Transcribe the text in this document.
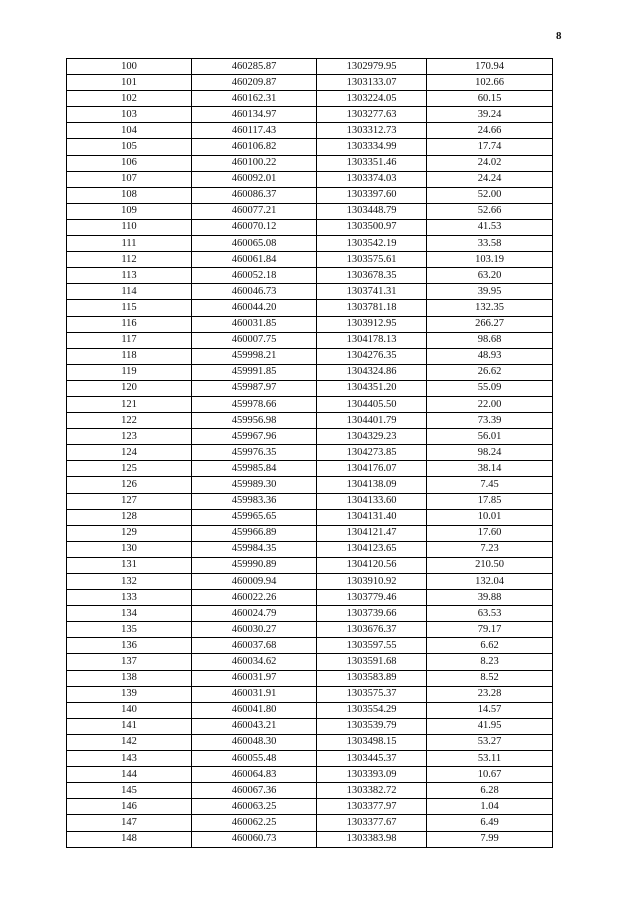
8
100	460285.87	1302979.95	170.94
101	460209.87	1303133.07	102.66
102	460162.31	1303224.05	60.15
103	460134.97	1303277.63	39.24
104	460117.43	1303312.73	24.66
105	460106.82	1303334.99	17.74
106	460100.22	1303351.46	24.02
107	460092.01	1303374.03	24.24
108	460086.37	1303397.60	52.00
109	460077.21	1303448.79	52.66
110	460070.12	1303500.97	41.53
111	460065.08	1303542.19	33.58
112	460061.84	1303575.61	103.19
113	460052.18	1303678.35	63.20
114	460046.73	1303741.31	39.95
115	460044.20	1303781.18	132.35
116	460031.85	1303912.95	266.27
117	460007.75	1304178.13	98.68
118	459998.21	1304276.35	48.93
119	459991.85	1304324.86	26.62
120	459987.97	1304351.20	55.09
121	459978.66	1304405.50	22.00
122	459956.98	1304401.79	73.39
123	459967.96	1304329.23	56.01
124	459976.35	1304273.85	98.24
125	459985.84	1304176.07	38.14
126	459989.30	1304138.09	7.45
127	459983.36	1304133.60	17.85
128	459965.65	1304131.40	10.01
129	459966.89	1304121.47	17.60
130	459984.35	1304123.65	7.23
131	459990.89	1304120.56	210.50
132	460009.94	1303910.92	132.04
133	460022.26	1303779.46	39.88
134	460024.79	1303739.66	63.53
135	460030.27	1303676.37	79.17
136	460037.68	1303597.55	6.62
137	460034.62	1303591.68	8.23
138	460031.97	1303583.89	8.52
139	460031.91	1303575.37	23.28
140	460041.80	1303554.29	14.57
141	460043.21	1303539.79	41.95
142	460048.30	1303498.15	53.27
143	460055.48	1303445.37	53.11
144	460064.83	1303393.09	10.67
145	460067.36	1303382.72	6.28
146	460063.25	1303377.97	1.04
147	460062.25	1303377.67	6.49
148	460060.73	1303383.98	7.99
